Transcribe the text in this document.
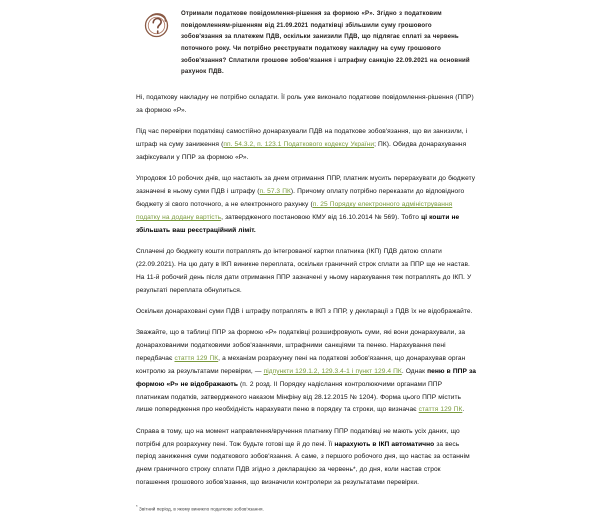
Отримали податкове повідомлення-рішення за формою «Р». Згідно з податковим повідомленням-рішенням від 21.09.2021 податківці збільшили суму грошового зобов'язання за платежем ПДВ, оскільки занизили ПДВ, що підлягає сплаті за червень поточного року. Чи потрібно реєструвати податкову накладну на суму грошового зобов'язання? Сплатили грошове зобов'язання і штрафну санкцію 22.09.2021 на основний рахунок ПДВ.

Ні, податкову накладну не потрібно складати. Її роль уже виконало податкове повідомлення-рішення (ППР) за формою «Р».

Під час перевірки податківці самостійно донарахували ПДВ на податкове зобов'язання, що ви занизили, і штраф на суму заниження (пп. 54.3.2, п. 123.1 Податкового кодексу України; ПК). Обидва донарахування зафіксували у ППР за формою «Р».

Упродовж 10 робочих днів, що настають за днем отримання ППР, платник мусить перерахувати до бюджету зазначені в ньому суми ПДВ і штрафу (п. 57.3 ПК). Причому оплату потрібно переказати до відповідного бюджету зі свого поточного, а не електронного рахунку (п. 25 Порядку електронного адміністрування податку на додану вартість, затвердженого постановою КМУ від 16.10.2014 № 569). Тобто ці кошти не збільшать ваш реєстраційний ліміт.

Сплачені до бюджету кошти потраплять до інтегрованої картки платника (ІКП) ПДВ датою сплати (22.09.2021). На цю дату в ІКП виникне переплата, оскільки граничний строк сплати за ППР ще не настав. На 11-й робочий день після дати отримання ППР зазначені у ньому нарахування теж потраплять до ІКП. У результаті переплата обнулиться.

Оскільки донараховані суми ПДВ і штрафу потраплять в ІКП з ППР, у декларації з ПДВ їх не відображайте.

Зважайте, що в таблиці ППР за формою «Р» податківці розшифровують суми, які вони донарахували, за донарахованими податковими зобов'язаннями, штрафними санкціями та пенею. Нарахування пені передбачає стаття 129 ПК, а механізм розрахунку пені на податкові зобов'язання, що донарахував орган контролю за результатами перевірки, — підпункти 129.1.2, 129.3.4-1 і пункт 129.4 ПК. Однак пеню в ППР за формою «Р» не відображають (п. 2 розд. ІІ Порядку надіслання контролюючими органами ППР платникам податків, затвердженого наказом Мінфіну від 28.12.2015 № 1204). Форма цього ППР містить лише попередження про необхідність нарахувати пеню в порядку та строки, що визначає стаття 129 ПК.

Справа в тому, що на момент направлення/вручення платнику ППР податківці не мають усіх даних, що потрібні для розрахунку пені. Тож будьте готові ще й до пені. Її нарахують в ІКП автоматично за весь період заниження суми податкового зобов'язання. А саме, з першого робочого дня, що настає за останнім днем граничного строку сплати ПДВ згідно з декларацією за червень*, до дня, коли настав строк погашення грошового зобов'язання, що визначили контролери за результатами перевірки.

* Звітний період, в якому виникло податкове зобов'язання.
